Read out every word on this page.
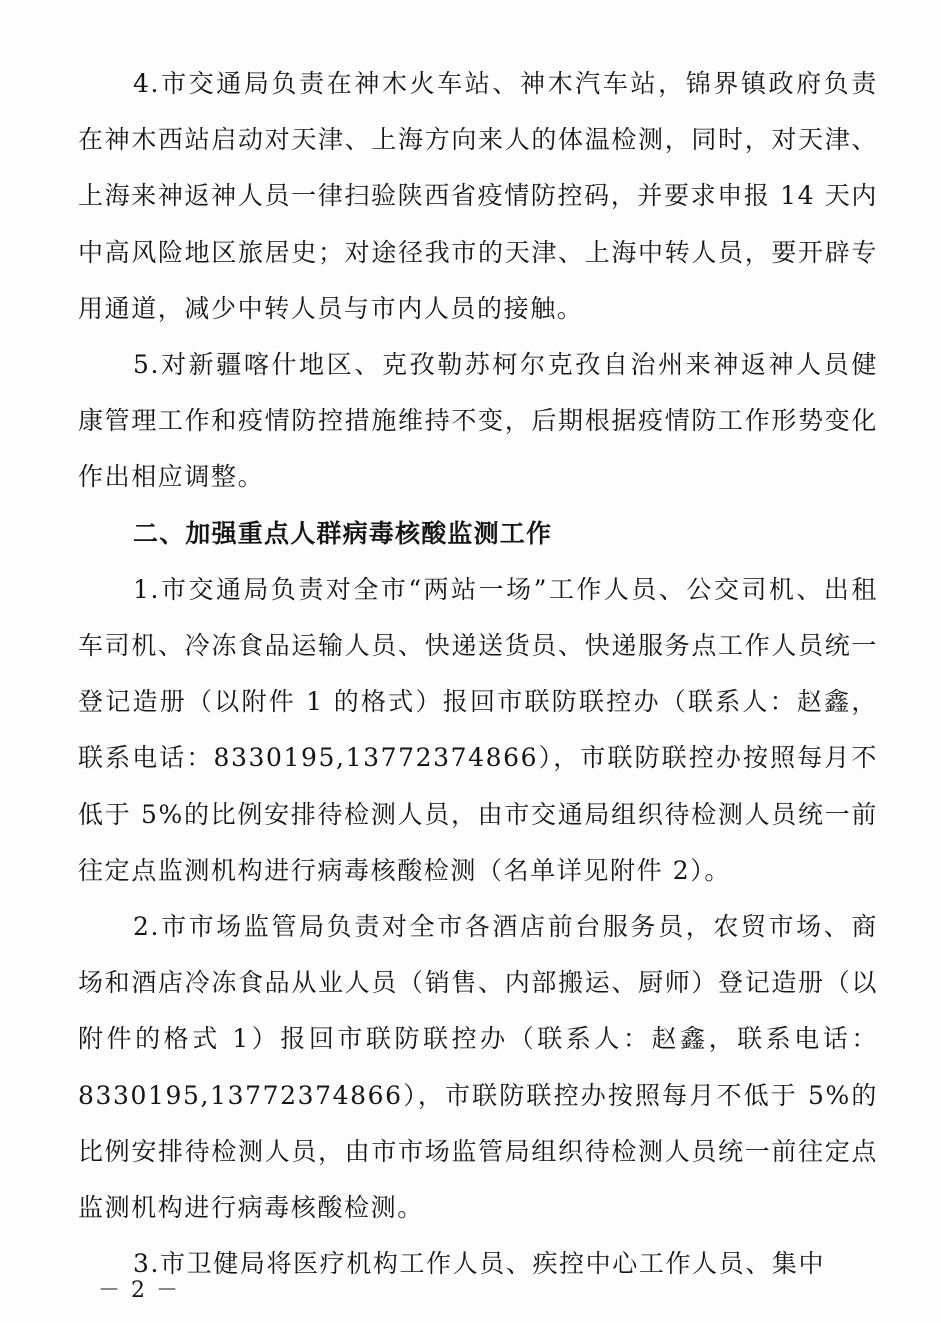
4.市交通局负责在神木火车站、神木汽车站，锦界镇政府负责在神木西站启动对天津、上海方向来人的体温检测，同时，对天津、上海来神返神人员一律扫验陕西省疫情防控码，并要求申报 14 天内中高风险地区旅居史；对途径我市的天津、上海中转人员，要开辟专用通道，减少中转人员与市内人员的接触。

5.对新疆喀什地区、克孜勒苏柯尔克孜自治州来神返神人员健康管理工作和疫情防控措施维持不变，后期根据疫情防工作形势变化作出相应调整。

二、加强重点人群病毒核酸监测工作

1.市交通局负责对全市“两站一场”工作人员、公交司机、出租车司机、冷冻食品运输人员、快递送货员、快递服务点工作人员统一登记造册（以附件 1 的格式）报回市联防联控办（联系人：赵鑫，联系电话：8330195,13772374866），市联防联控办按照每月不低于 5%的比例安排待检测人员，由市交通局组织待检测人员统一前往定点监测机构进行病毒核酸检测（名单详见附件 2）。

2.市市场监管局负责对全市各酒店前台服务员，农贸市场、商场和酒店冷冻食品从业人员（销售、内部搬运、厨师）登记造册（以附件的格式 1）报回市联防联控办（联系人：赵鑫，联系电话：8330195,13772374866），市联防联控办按照每月不低于 5%的比例安排待检测人员，由市市场监管局组织待检测人员统一前往定点监测机构进行病毒核酸检测。

3.市卫健局将医疗机构工作人员、疾控中心工作人员、集中

－ 2 －
